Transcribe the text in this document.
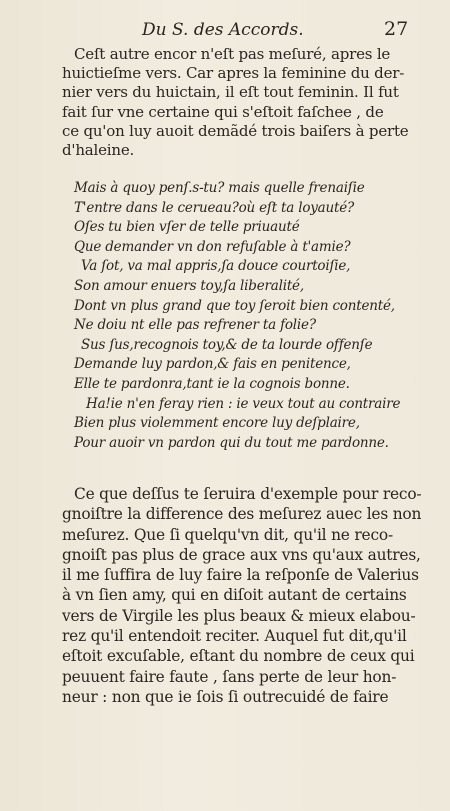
Du S. des Accords.	27
Ceſt autre encor n'eſt pas meſuré, apres le
huictieſme vers. Car apres la feminine du der-
nier vers du huictain, il eſt tout feminin. Il fut
fait ſur vne certaine qui s'eſtoit faſchee , de
ce qu'on luy auoit demãdé trois baiſers à perte
d'haleine.
Mais à quoy penſ.s-tu? mais quelle frenaiſie
T'entre dans le cerueau?où eſt ta loyauté?
Oſes tu bien vſer de telle priuauté
Que demander vn don refuſable à t'amie?
Va ſot, va mal appris,ſa douce courtoiſie,
Son amour enuers toy,ſa liberalité,
Dont vn plus grand que toy ſeroit bien contenté,
Ne doiu nt elle pas refrener ta folie?
Sus ſus,recognois toy,& de ta lourde offenſe
Demande luy pardon,& fais en penitence,
Elle te pardonra,tant ie la cognois bonne.
Ha!ie n'en feray rien : ie veux tout au contraire
Bien plus violemment encore luy deſplaire,
Pour auoir vn pardon qui du tout me pardonne.
Ce que deſſus te ſeruira d'exemple pour reco-
gnoiſtre la difference des meſurez auec les non
meſurez. Que ſi quelqu'vn dit, qu'il ne reco-
gnoiſt pas plus de grace aux vns qu'aux autres,
il me ſuffira de luy faire la reſponſe de Valerius
à vn ſien amy, qui en diſoit autant de certains
vers de Virgile les plus beaux & mieux elabou-
rez qu'il entendoit reciter. Auquel fut dit,qu'il
eſtoit excuſable, eſtant du nombre de ceux qui
peuuent faire faute , ſans perte de leur hon-
neur : non que ie ſois ſi outrecuidé de faire
